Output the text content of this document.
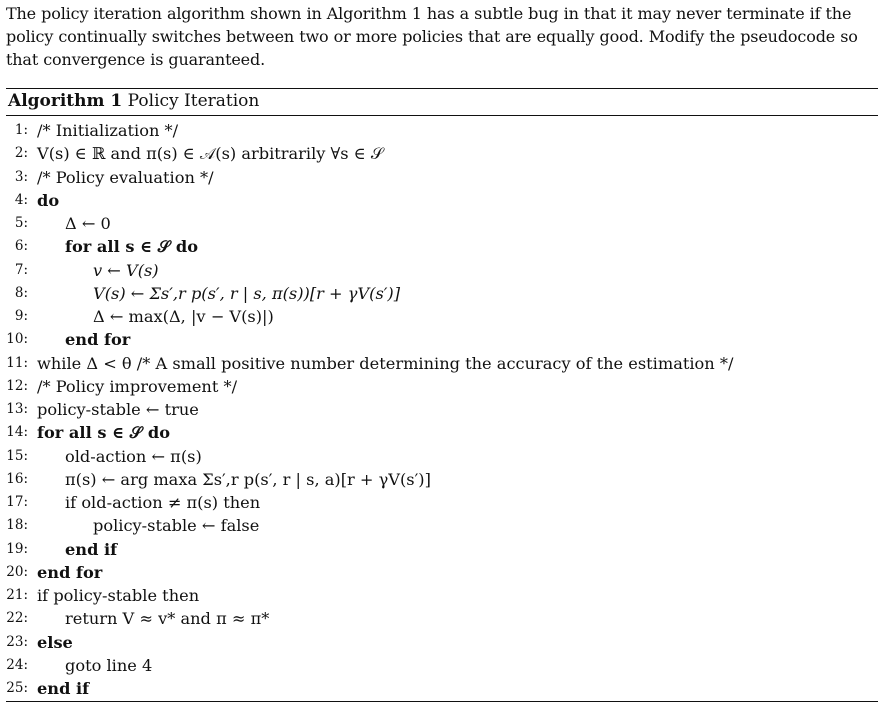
The policy iteration algorithm shown in Algorithm 1 has a subtle bug in that it may never terminate if the

policy continually switches between two or more policies that are equally good. Modify the pseudocode so

that convergence is guaranteed.

Algorithm 1 Policy Iteration
1: /* Initialization */
2: V(s) ∈ ℝ and π(s) ∈ 𝒜(s) arbitrarily ∀s ∈ 𝒮
3: /* Policy evaluation */
4: do
5: Δ ← 0
6: for all s ∈ 𝒮 do
7:	v ← V(s)
8:	V(s) ← Σs′,r p(s′, r | s, π(s))[r + γV(s′)]
9:	Δ ← max(Δ, |v − V(s)|)
10: end for
11: while Δ < θ /* A small positive number determining the accuracy of the estimation */
12: /* Policy improvement */
13: policy-stable ← true
14: for all s ∈ 𝒮 do
15: old-action ← π(s)
16: π(s) ← arg maxa Σs′,r p(s′, r | s, a)[r + γV(s′)]
17: if old-action ≠ π(s) then
18:	policy-stable ← false
19: end if
20: end for
21: if policy-stable then
22: return V ≈ v* and π ≈ π*
23: else
24: goto line 4
25: end if
